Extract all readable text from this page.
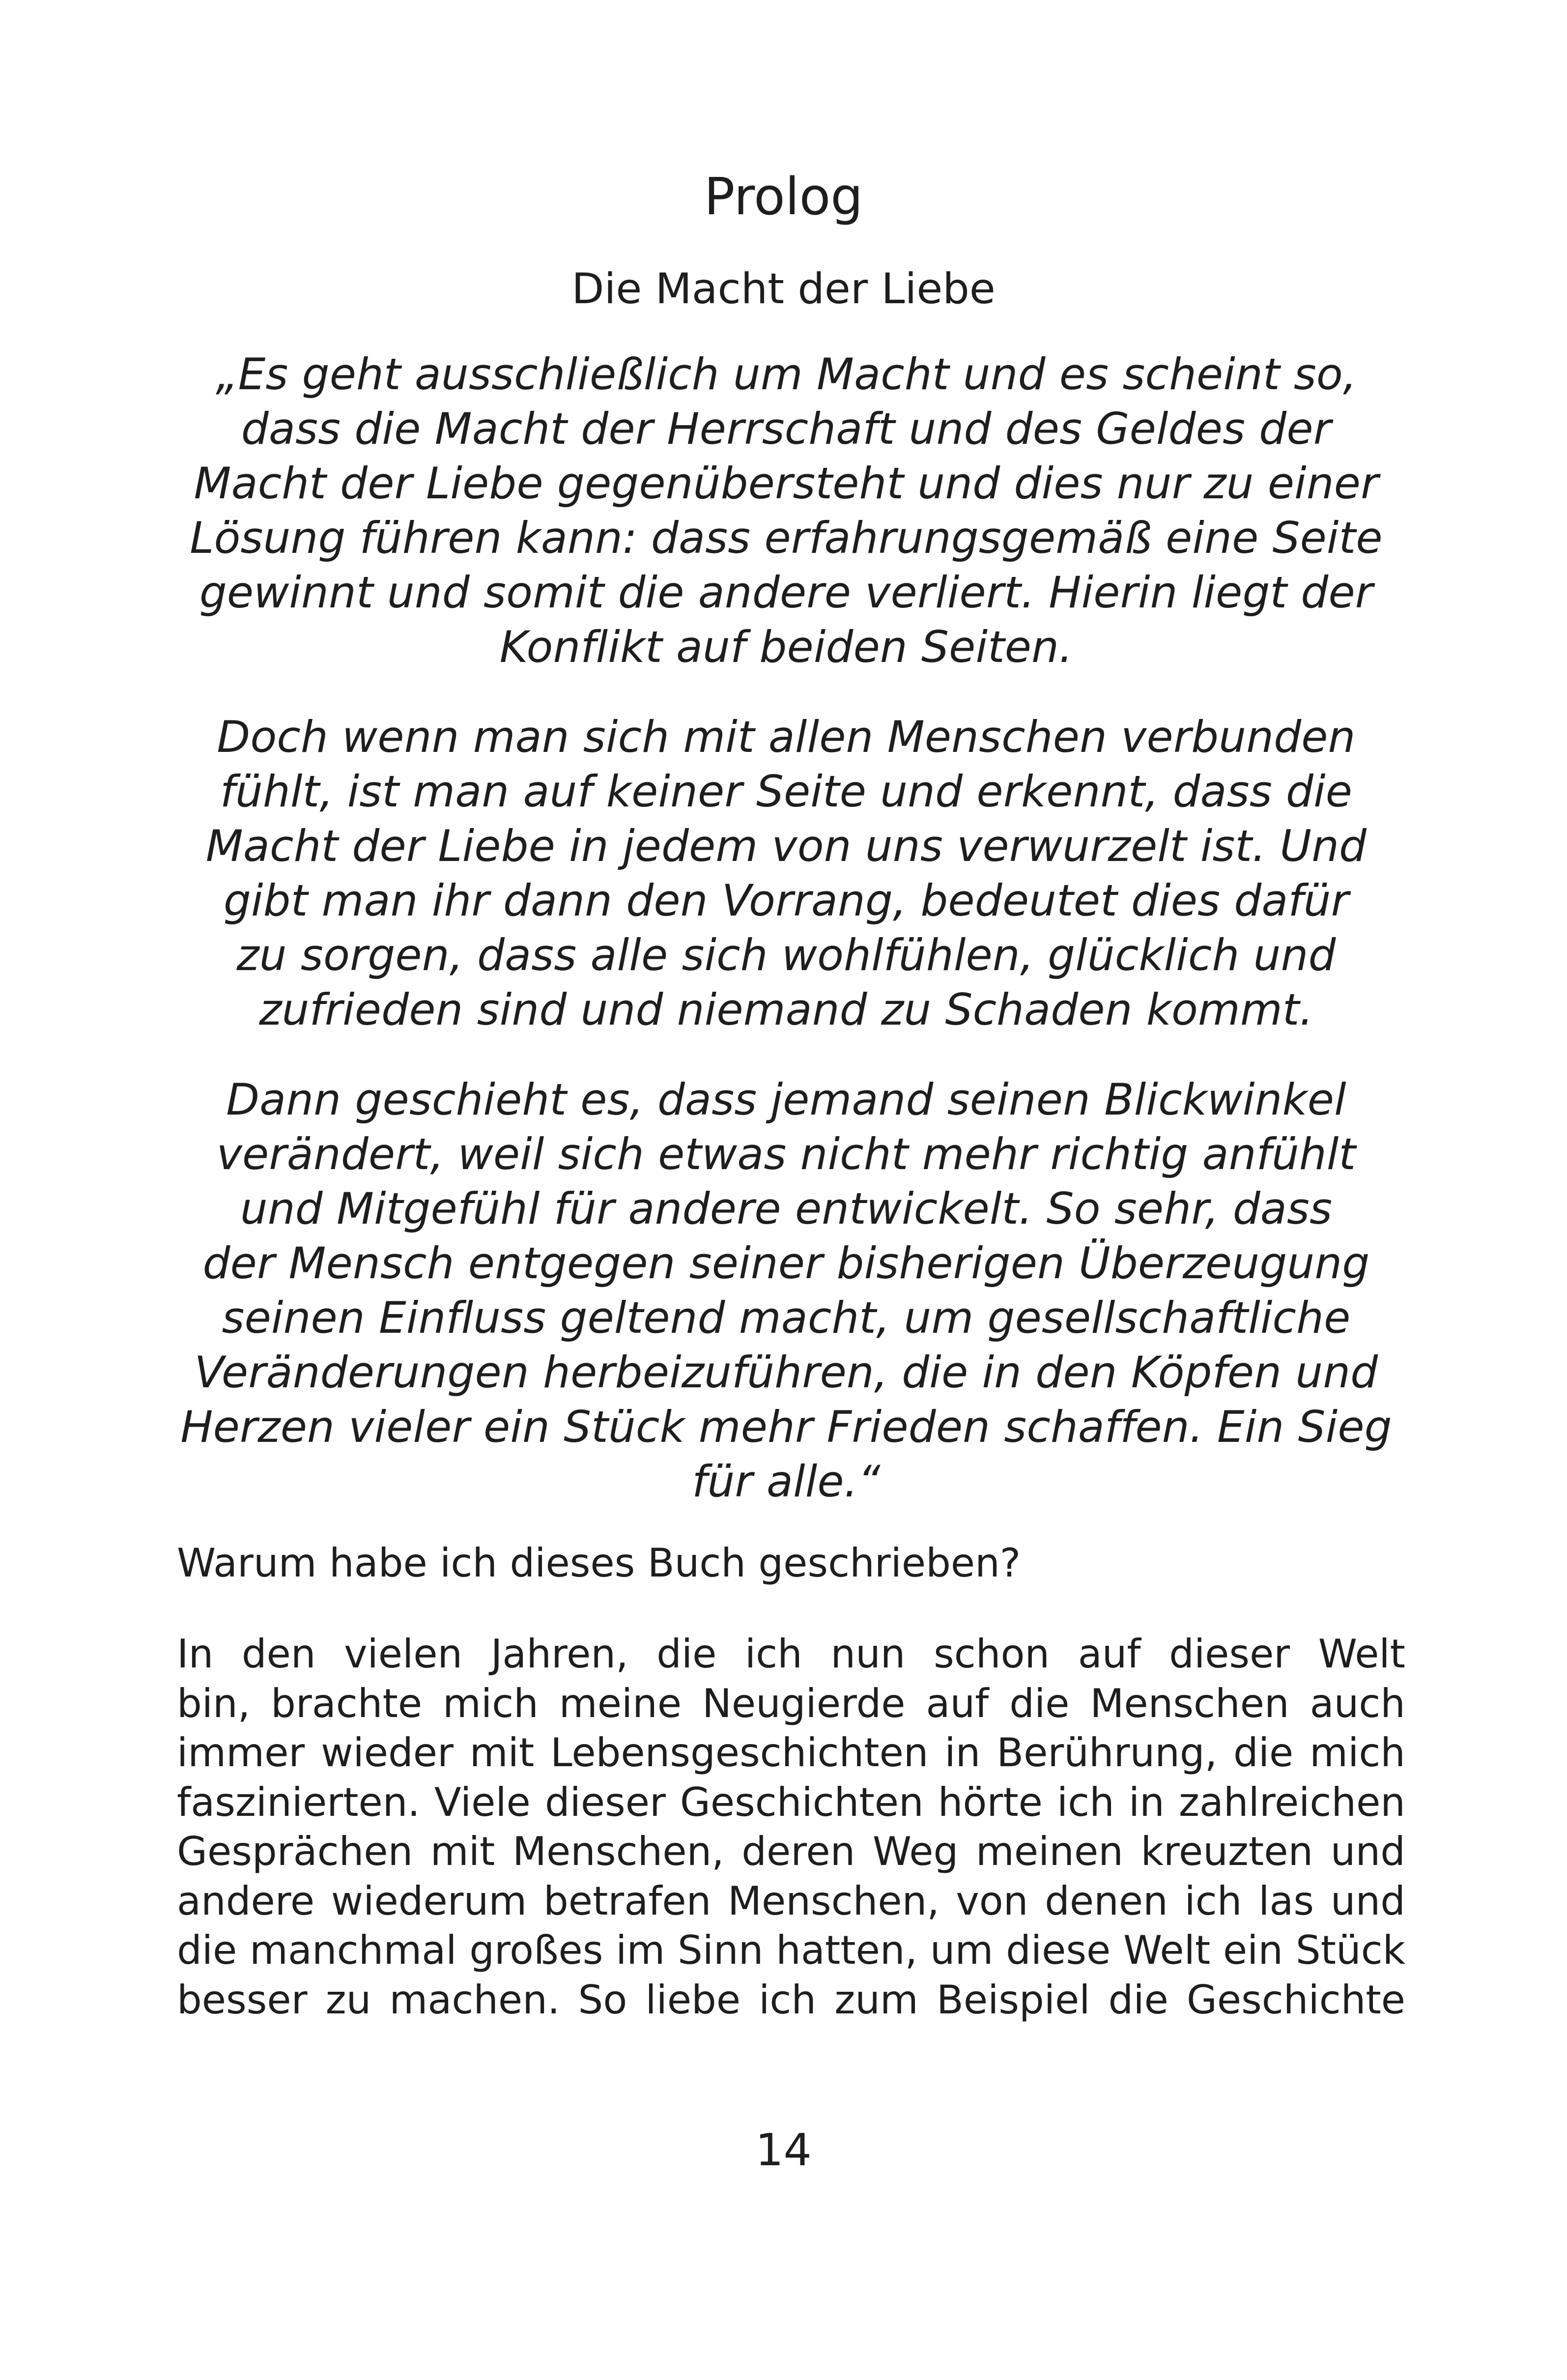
Prolog
Die Macht der Liebe

„Es geht ausschließlich um Macht und es scheint so,
dass die Macht der Herrschaft und des Geldes der
Macht der Liebe gegenübersteht und dies nur zu einer
Lösung führen kann: dass erfahrungsgemäß eine Seite
gewinnt und somit die andere verliert. Hierin liegt der
Konflikt auf beiden Seiten.

Doch wenn man sich mit allen Menschen verbunden
fühlt, ist man auf keiner Seite und erkennt, dass die
Macht der Liebe in jedem von uns verwurzelt ist. Und
gibt man ihr dann den Vorrang, bedeutet dies dafür
zu sorgen, dass alle sich wohlfühlen, glücklich und
zufrieden sind und niemand zu Schaden kommt.

Dann geschieht es, dass jemand seinen Blickwinkel
verändert, weil sich etwas nicht mehr richtig anfühlt
und Mitgefühl für andere entwickelt. So sehr, dass
der Mensch entgegen seiner bisherigen Überzeugung
seinen Einfluss geltend macht, um gesellschaftliche
Veränderungen herbeizuführen, die in den Köpfen und
Herzen vieler ein Stück mehr Frieden schaffen. Ein Sieg
für alle.“

Warum habe ich dieses Buch geschrieben?

In den vielen Jahren, die ich nun schon auf dieser Welt
bin, brachte mich meine Neugierde auf die Menschen auch
immer wieder mit Lebensgeschichten in Berührung, die mich
faszinierten. Viele dieser Geschichten hörte ich in zahlreichen
Gesprächen mit Menschen, deren Weg meinen kreuzten und
andere wiederum betrafen Menschen, von denen ich las und
die manchmal großes im Sinn hatten, um diese Welt ein Stück
besser zu machen. So liebe ich zum Beispiel die Geschichte

14
